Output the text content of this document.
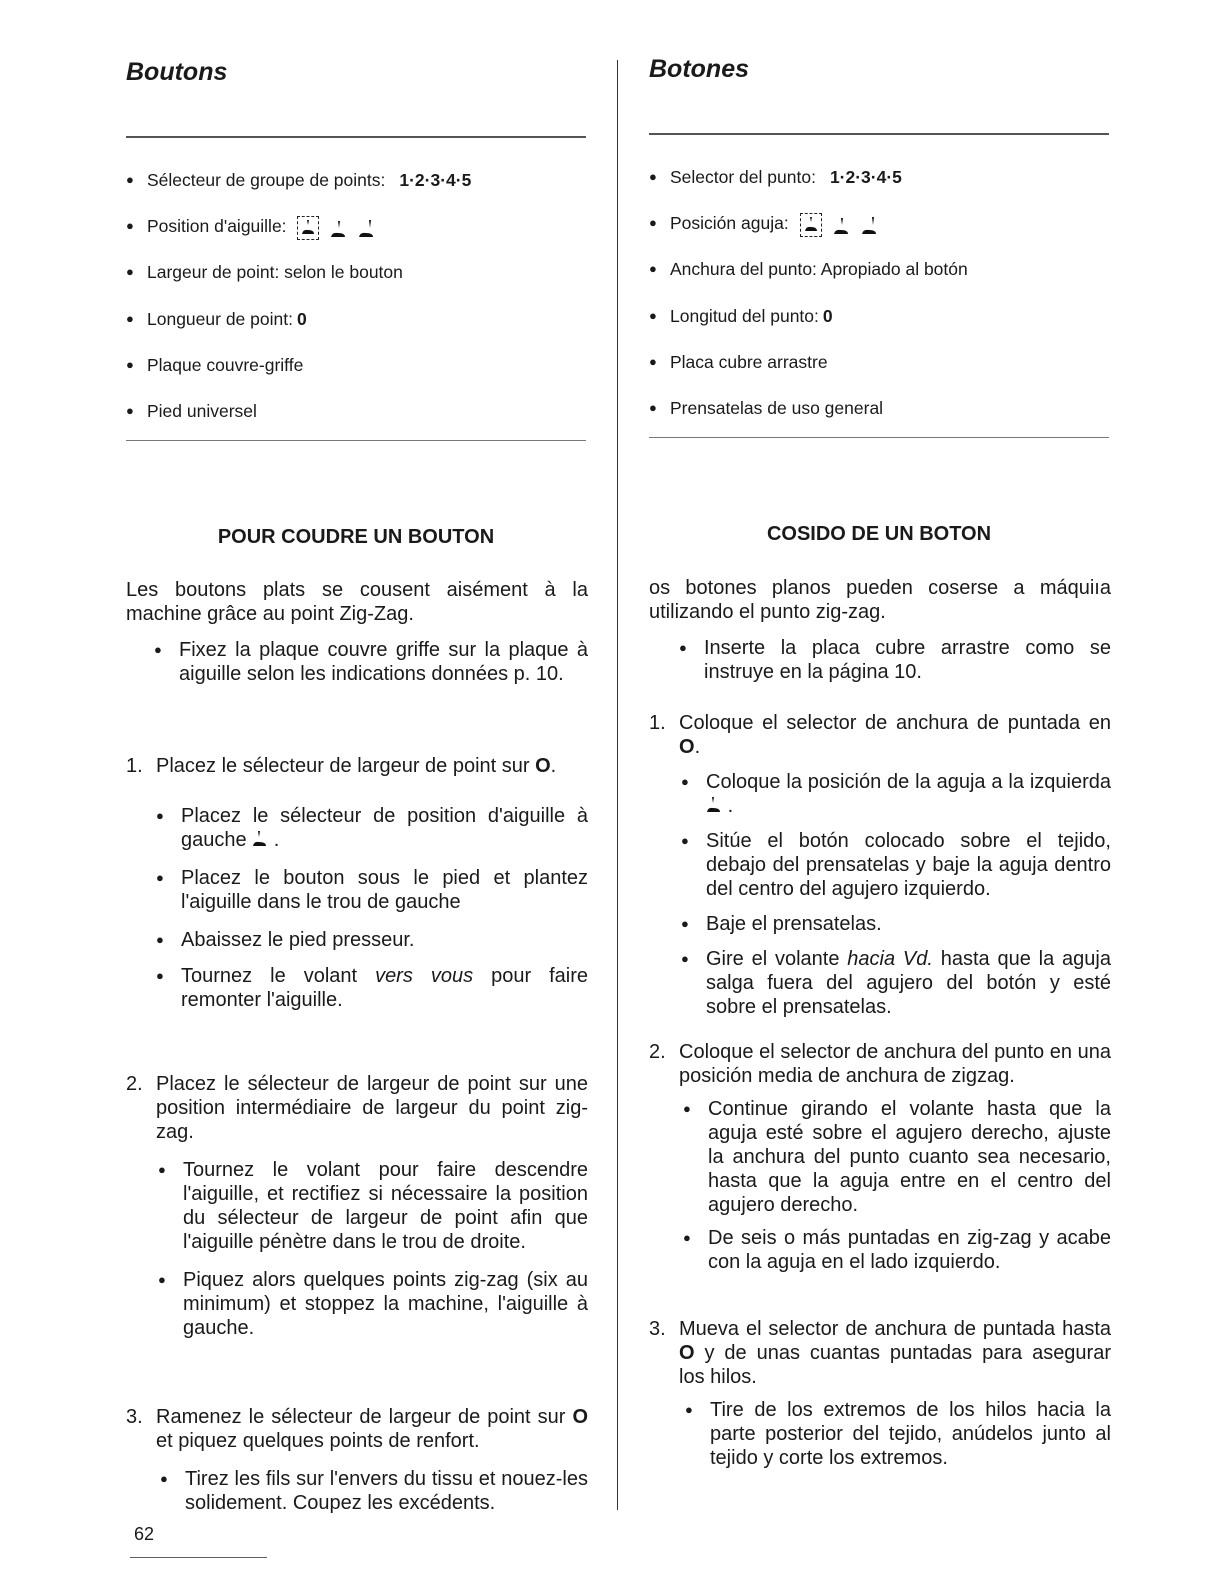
Boutons
● Sélecteur de groupe de points: 1·2·3·4·5
● Position d'aiguille:
● Largeur de point: selon le bouton
● Longueur de point: 0
● Plaque couvre-griffe
● Pied universel
POUR COUDRE UN BOUTON

Les boutons plats se cousent aisément à la machine grâce au point Zig-Zag.

● Fixez la plaque couvre griffe sur la plaque à aiguille selon les indications données p. 10.
1. Placez le sélecteur de largeur de point sur O.
● Placez le sélecteur de position d'aiguille à gauche .
● Placez le bouton sous le pied et plantez l'aiguille dans le trou de gauche
● Abaissez le pied presseur.
● Tournez le volant vers vous pour faire remonter l'aiguille.
2. Placez le sélecteur de largeur de point sur une position intermédiaire de largeur du point zig-zag.
● Tournez le volant pour faire descendre l'aiguille, et rectifiez si nécessaire la position du sélecteur de largeur de point afin que l'aiguille pénètre dans le trou de droite.
● Piquez alors quelques points zig-zag (six au minimum) et stoppez la machine, l'aiguille à gauche.
3. Ramenez le sélecteur de largeur de point sur O et piquez quelques points de renfort.
● Tirez les fils sur l'envers du tissu et nouez-les solidement. Coupez les excédents.
Botones
● Selector del punto: 1·2·3·4·5
● Posición aguja:
● Anchura del punto: Apropiado al botón
● Longitud del punto: 0
● Placa cubre arrastre
● Prensatelas de uso general
COSIDO DE UN BOTON

os botones planos pueden coserse a máquiıa utilizando el punto zig-zag.

● Inserte la placa cubre arrastre como se instruye en la página 10.
1. Coloque el selector de anchura de puntada en O.
● Coloque la posición de la aguja a la izquierda  .
● Sitúe el botón colocado sobre el tejido, debajo del prensatelas y baje la aguja dentro del centro del agujero izquierdo.
● Baje el prensatelas.
● Gire el volante hacia Vd. hasta que la aguja salga fuera del agujero del botón y esté sobre el prensatelas.
2. Coloque el selector de anchura del punto en una posición media de anchura de zigzag.
● Continue girando el volante hasta que la aguja esté sobre el agujero derecho, ajuste la anchura del punto cuanto sea necesario, hasta que la aguja entre en el centro del agujero derecho.
● De seis o más puntadas en zig-zag y acabe con la aguja en el lado izquierdo.
3. Mueva el selector de anchura de puntada hasta O y de unas cuantas puntadas para asegurar los hilos.
● Tire de los extremos de los hilos hacia la parte posterior del tejido, anúdelos junto al tejido y corte los extremos.
62
